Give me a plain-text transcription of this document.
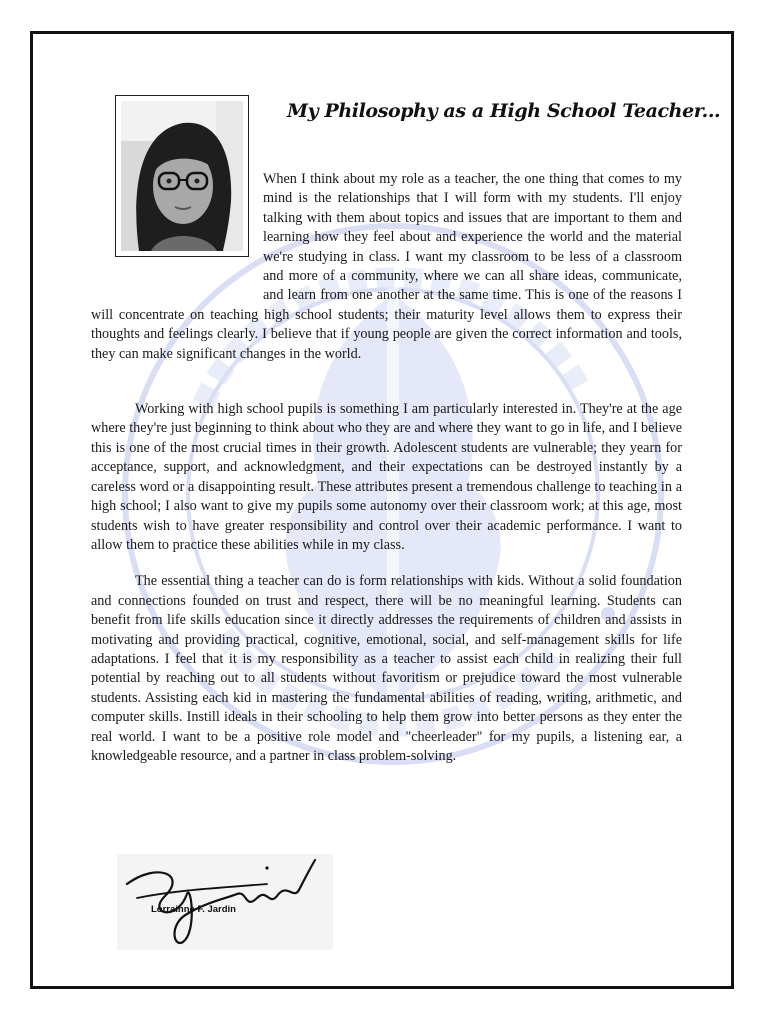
My Philosophy as a High School Teacher...

When I think about my role as a teacher, the one thing that comes to my mind is the relationships that I will form with my students. I'll enjoy talking with them about topics and issues that are important to them and learning how they feel about and experience the world and the material we're studying in class. I want my classroom to be less of a classroom and more of a community, where we can all share ideas, communicate, and learn from one another at the same time. This is one of the reasons I will concentrate on teaching high school students; their maturity level allows them to express their thoughts and feelings clearly. I believe that if young people are given the correct information and tools, they can make significant changes in the world.

Working with high school pupils is something I am particularly interested in. They're at the age where they're just beginning to think about who they are and where they want to go in life, and I believe this is one of the most crucial times in their growth. Adolescent students are vulnerable; they yearn for acceptance, support, and acknowledgment, and their expectations can be destroyed instantly by a careless word or a disappointing result. These attributes present a tremendous challenge to teaching in a high school; I also want to give my pupils some autonomy over their classroom work; at this age, most students wish to have greater responsibility and control over their academic performance. I want to allow them to practice these abilities while in my class.

The essential thing a teacher can do is form relationships with kids. Without a solid foundation and connections founded on trust and respect, there will be no meaningful learning. Students can benefit from life skills education since it directly addresses the requirements of children and assists in motivating and providing practical, cognitive, emotional, social, and self-management skills for life adaptations. I feel that it is my responsibility as a teacher to assist each child in realizing their full potential by reaching out to all students without favoritism or prejudice toward the most vulnerable students. Assisting each kid in mastering the fundamental abilities of reading, writing, arithmetic, and computer skills. Instill ideals in their schooling to help them grow into better persons as they enter the real world. I want to be a positive role model and "cheerleader" for my pupils, a listening ear, a knowledgeable resource, and a partner in class problem-solving.

Lorrainne F. Jardin
